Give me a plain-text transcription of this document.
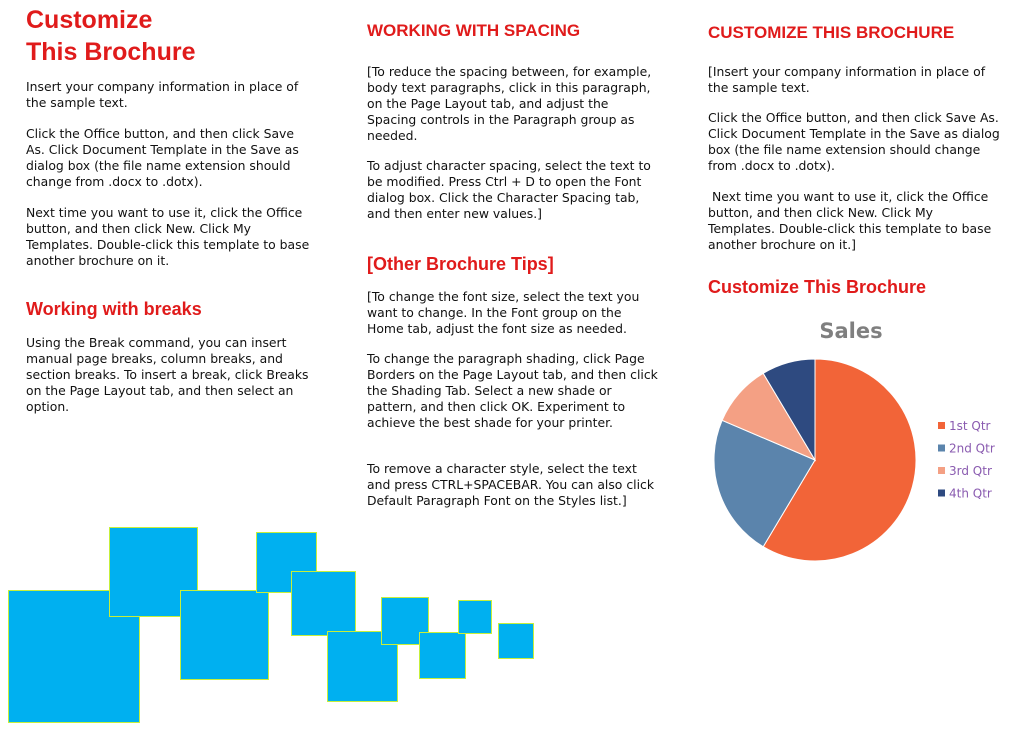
Customize
This Brochure

Insert your company information in place of the sample text.

Click the Office button, and then click Save As. Click Document Template in the Save as dialog box (the file name extension should change from .docx to .dotx).

Next time you want to use it, click the Office button, and then click New. Click My Templates. Double-click this template to base another brochure on it.

Working with breaks

Using the Break command, you can insert manual page breaks, column breaks, and section breaks. To insert a break, click Breaks on the Page Layout tab, and then select an option.

WORKING WITH SPACING

[To reduce the spacing between, for example, body text paragraphs, click in this paragraph, on the Page Layout tab, and adjust the Spacing controls in the Paragraph group as needed.

To adjust character spacing, select the text to be modified. Press Ctrl + D to open the Font dialog box. Click the Character Spacing tab, and then enter new values.]

[Other Brochure Tips]

[To change the font size, select the text you want to change. In the Font group on the Home tab, adjust the font size as needed.

To change the paragraph shading, click Page Borders on the Page Layout tab, and then click the Shading Tab. Select a new shade or pattern, and then click OK. Experiment to achieve the best shade for your printer.

To remove a character style, select the text and press CTRL+SPACEBAR. You can also click Default Paragraph Font on the Styles list.]

CUSTOMIZE THIS BROCHURE

[Insert your company information in place of the sample text.

Click the Office button, and then click Save As. Click Document Template in the Save as dialog box (the file name extension should change from .docx to .dotx).

Next time you want to use it, click the Office button, and then click New. Click My Templates. Double-click this template to base another brochure on it.]

Customize This Brochure
Sales
1st Qtr
2nd Qtr
3rd Qtr
4th Qtr
